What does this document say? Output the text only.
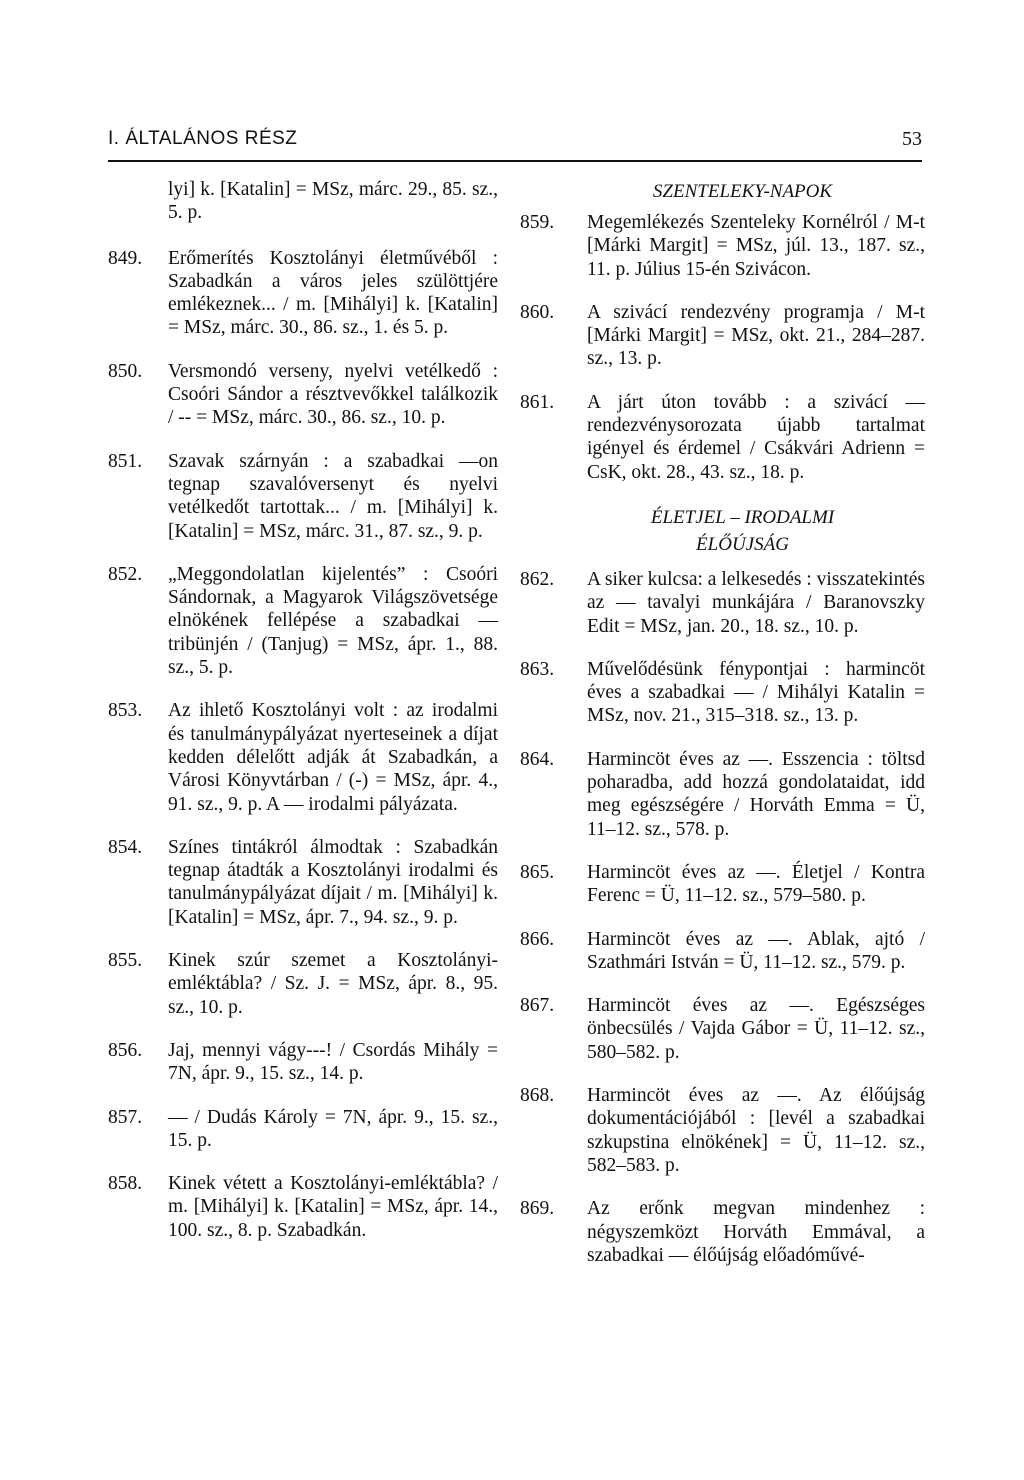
I. ÁLTALÁNOS RÉSZ	53
lyi] k. [Katalin] = MSz, márc. 29., 85. sz., 5. p.
849. Erőmerítés Kosztolányi életművéből : Szabadkán a város jeles szülöttjére emlékeznek... / m. [Mihályi] k. [Katalin] = MSz, márc. 30., 86. sz., 1. és 5. p.
850. Versmondó verseny, nyelvi vetélkedő : Csoóri Sándor a résztvevőkkel találkozik / -- = MSz, márc. 30., 86. sz., 10. p.
851. Szavak szárnyán : a szabadkai —on tegnap szavalóversenyt és nyelvi vetélkedőt tartottak... / m. [Mihályi] k. [Katalin] = MSz, márc. 31., 87. sz., 9. p.
852. „Meggondolatlan kijelentés” : Csoóri Sándornak, a Magyarok Világszövetsége elnökének fellépése a szabadkai — tribünjén / (Tanjug) = MSz, ápr. 1., 88. sz., 5. p.
853. Az ihlető Kosztolányi volt : az irodalmi és tanulmánypályázat nyerteseinek a díjat kedden délelőtt adják át Szabadkán, a Városi Könyvtárban / (-) = MSz, ápr. 4., 91. sz., 9. p. A — irodalmi pályázata.
854. Színes tintákról álmodtak : Szabadkán tegnap átadták a Kosztolányi irodalmi és tanulmánypályázat díjait / m. [Mihályi] k. [Katalin] = MSz, ápr. 7., 94. sz., 9. p.
855. Kinek szúr szemet a Kosztolányi-emléktábla? / Sz. J. = MSz, ápr. 8., 95. sz., 10. p.
856. Jaj, mennyi vágy---! / Csordás Mihály = 7N, ápr. 9., 15. sz., 14. p.
857. — / Dudás Károly = 7N, ápr. 9., 15. sz., 15. p.
858. Kinek vétett a Kosztolányi-emléktábla? / m. [Mihályi] k. [Katalin] = MSz, ápr. 14., 100. sz., 8. p. Szabadkán.
SZENTELEKY-NAPOK
859. Megemlékezés Szenteleky Kornélról / M-t [Márki Margit] = MSz, júl. 13., 187. sz., 11. p. Július 15-én Szivácon.
860. A szivácí rendezvény programja / M-t [Márki Margit] = MSz, okt. 21., 284–287. sz., 13. p.
861. A járt úton tovább : a szivácí — rendezvénysorozata újabb tartalmat igényel és érdemel / Csákvári Adrienn = CsK, okt. 28., 43. sz., 18. p.
ÉLETJEL – IRODALMI
ÉLŐÚJSÁG
862. A siker kulcsa: a lelkesedés : visszatekintés az — tavalyi munkájára / Baranovszky Edit = MSz, jan. 20., 18. sz., 10. p.
863. Művelődésünk fénypontjai : harmincöt éves a szabadkai — / Mihályi Katalin = MSz, nov. 21., 315–318. sz., 13. p.
864. Harmincöt éves az —. Esszencia : töltsd poharadba, add hozzá gondolataidat, idd meg egészségére / Horváth Emma = Ü, 11–12. sz., 578. p.
865. Harmincöt éves az —. Életjel / Kontra Ferenc = Ü, 11–12. sz., 579–580. p.
866. Harmincöt éves az —. Ablak, ajtó / Szathmári István = Ü, 11–12. sz., 579. p.
867. Harmincöt éves az —. Egészséges önbecsülés / Vajda Gábor = Ü, 11–12. sz., 580–582. p.
868. Harmincöt éves az —. Az élőújság dokumentációjából : [levél a szabadkai szkupstina elnökének] = Ü, 11–12. sz., 582–583. p.
869. Az erőnk megvan mindenhez : négyszemközt Horváth Emmával, a szabadkai — élőújság előadóművé-
